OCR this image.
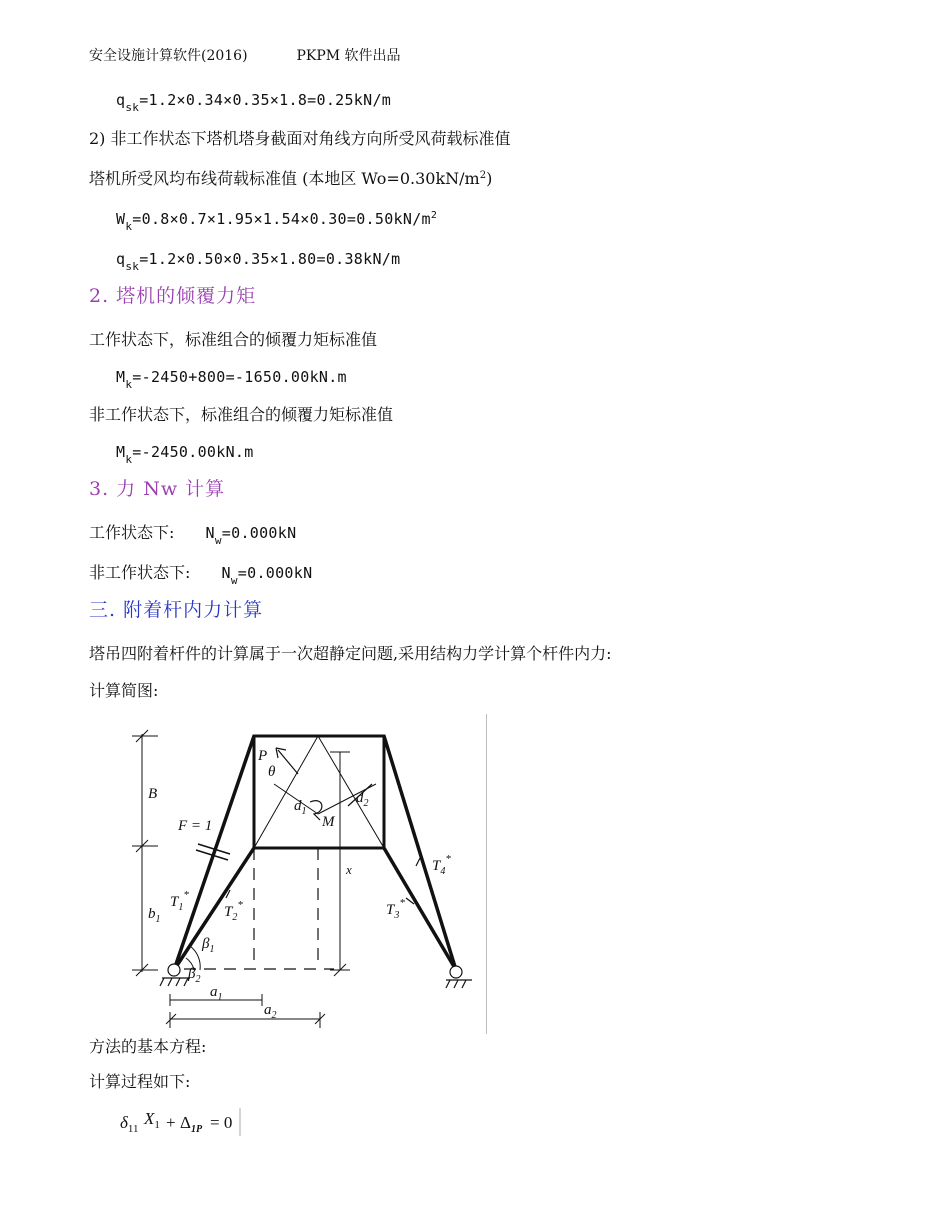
安全设施计算软件(2016)	PKPM 软件出品
$q_{sk}=1.2\times 0.34\times 0.35\times 1.8=0.25kN/m$
2) 非工作状态下塔机塔身截面对角线方向所受风荷载标准值
塔机所受风均布线荷载标准值 (本地区 $Wo=0.30kN/m^2$)
$W_k=0.8\times 0.7\times 1.95\times 1.54\times 0.30=0.50kN/m^2$
$q_{sk}=1.2\times 0.50\times 0.35\times 1.80=0.38kN/m$
2. 塔机的倾覆力矩
工作状态下，标准组合的倾覆力矩标准值
$M_k=-2450+800=-1650.00kN.m$
非工作状态下，标准组合的倾覆力矩标准值
$M_k=-2450.00kN.m$
3. 力 Nw 计算
工作状态下: $N_w=0.000kN$
非工作状态下: $N_w=0.000kN$
三. 附着杆内力计算
塔吊四附着杆件的计算属于一次超静定问题,采用结构力学计算个杆件内力:
计算简图:
B
F = 1
P
θ
$d_1$
$d_2$
M
x
$b_1$
$T_1^*$
$T_2^*$	$T_3^*$
$T_4^*$
$\beta_1$
$\beta_2$
$a_1$
$a_2$
方法的基本方程:
计算过程如下:
$\delta_{11}$
$X_1 + \Delta_{1P} = 0$
